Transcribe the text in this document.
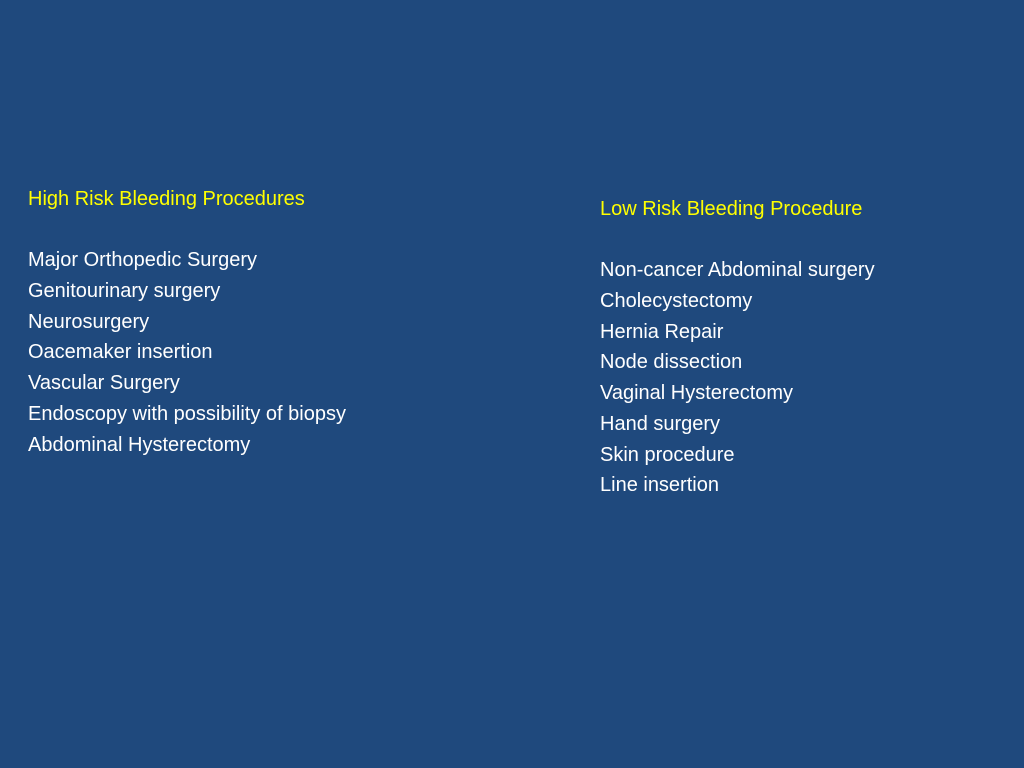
High Risk Bleeding Procedures
Major Orthopedic Surgery
Genitourinary surgery
Neurosurgery
Oacemaker insertion
Vascular Surgery
Endoscopy with possibility of biopsy
Abdominal Hysterectomy
Low Risk Bleeding Procedure
Non-cancer Abdominal surgery
Cholecystectomy
Hernia Repair
Node dissection
Vaginal Hysterectomy
Hand surgery
Skin procedure
Line insertion
